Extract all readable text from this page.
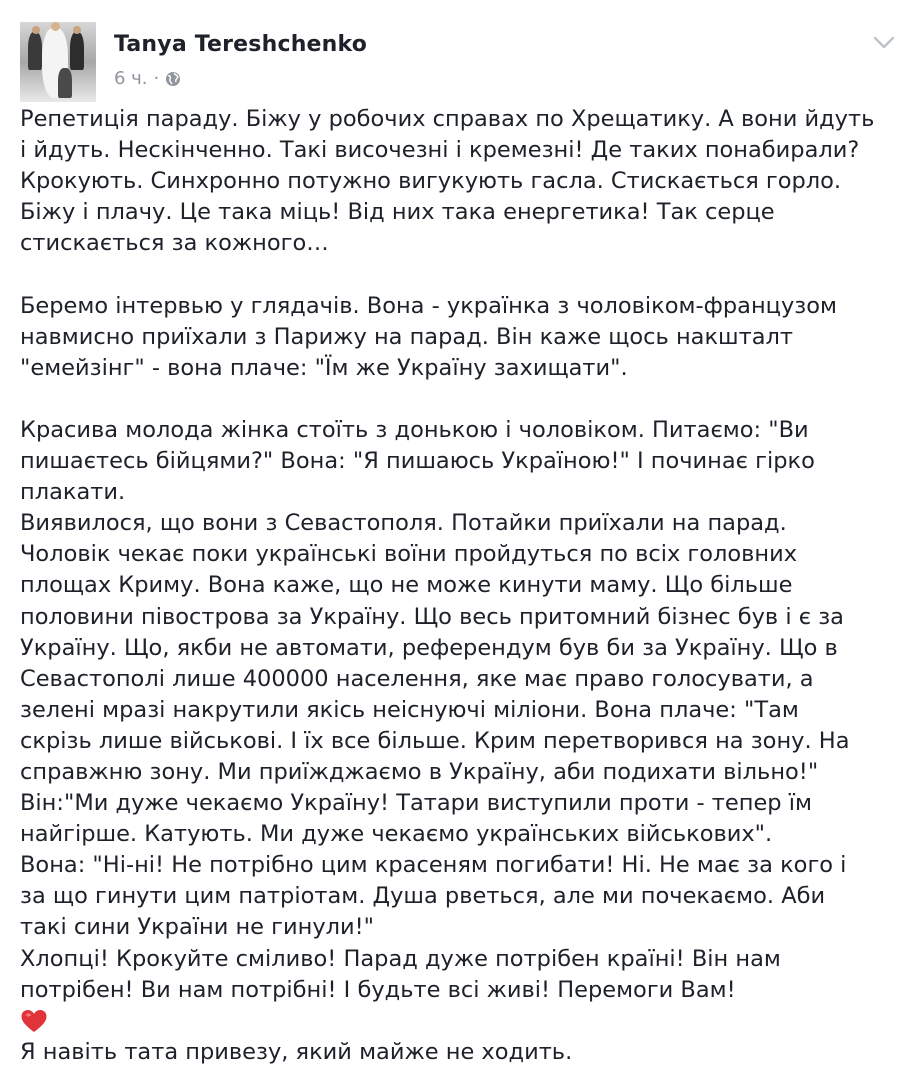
Tanya Tereshchenko
6 ч. ·
Репетиція параду. Біжу у робочих справах по Хрещатику. А вони йдуть
і йдуть. Нескінченно. Такі височезні і кремезні! Де таких понабирали?
Крокують. Синхронно потужно вигукують гасла. Стискається горло.
Біжу і плачу. Це така міць! Від них така енергетика! Так серце
стискається за кожного…
Беремо інтервью у глядачів. Вона - українка з чоловіком-французом
навмисно приїхали з Парижу на парад. Він каже щось накшталт
"емейзінг" - вона плаче: "Їм же Україну захищати".
Красива молода жінка стоїть з донькою і чоловіком. Питаємо: "Ви
пишаєтесь бійцями?" Вона: "Я пишаюсь Україною!" І починає гірко
плакати.
Виявилося, що вони з Севастополя. Потайки приїхали на парад.
Чоловік чекає поки українські воїни пройдуться по всіх головних
площах Криму. Вона каже, що не може кинути маму. Що більше
половини півострова за Україну. Що весь притомний бізнес був і є за
Україну. Що, якби не автомати, референдум був би за Україну. Що в
Севастополі лише 400000 населення, яке має право голосувати, а
зелені мразі накрутили якісь неіснуючі міліони. Вона плаче: "Там
скрізь лише військові. І їх все більше. Крим перетворився на зону. На
справжню зону. Ми приїжджаємо в Україну, аби подихати вільно!"
Він:"Ми дуже чекаємо Україну! Татари виступили проти - тепер їм
найгірше. Катують. Ми дуже чекаємо українських військових".
Вона: "Ні-ні! Не потрібно цим красеням погибати! Ні. Не має за кого і
за що гинути цим патріотам. Душа рветься, але ми почекаємо. Аби
такі сини України не гинули!"
Хлопці! Крокуйте сміливо! Парад дуже потрібен країні! Він нам
потрібен! Ви нам потрібні! І будьте всі живі! Перемоги Вам!
Я навіть тата привезу, який майже не ходить.
